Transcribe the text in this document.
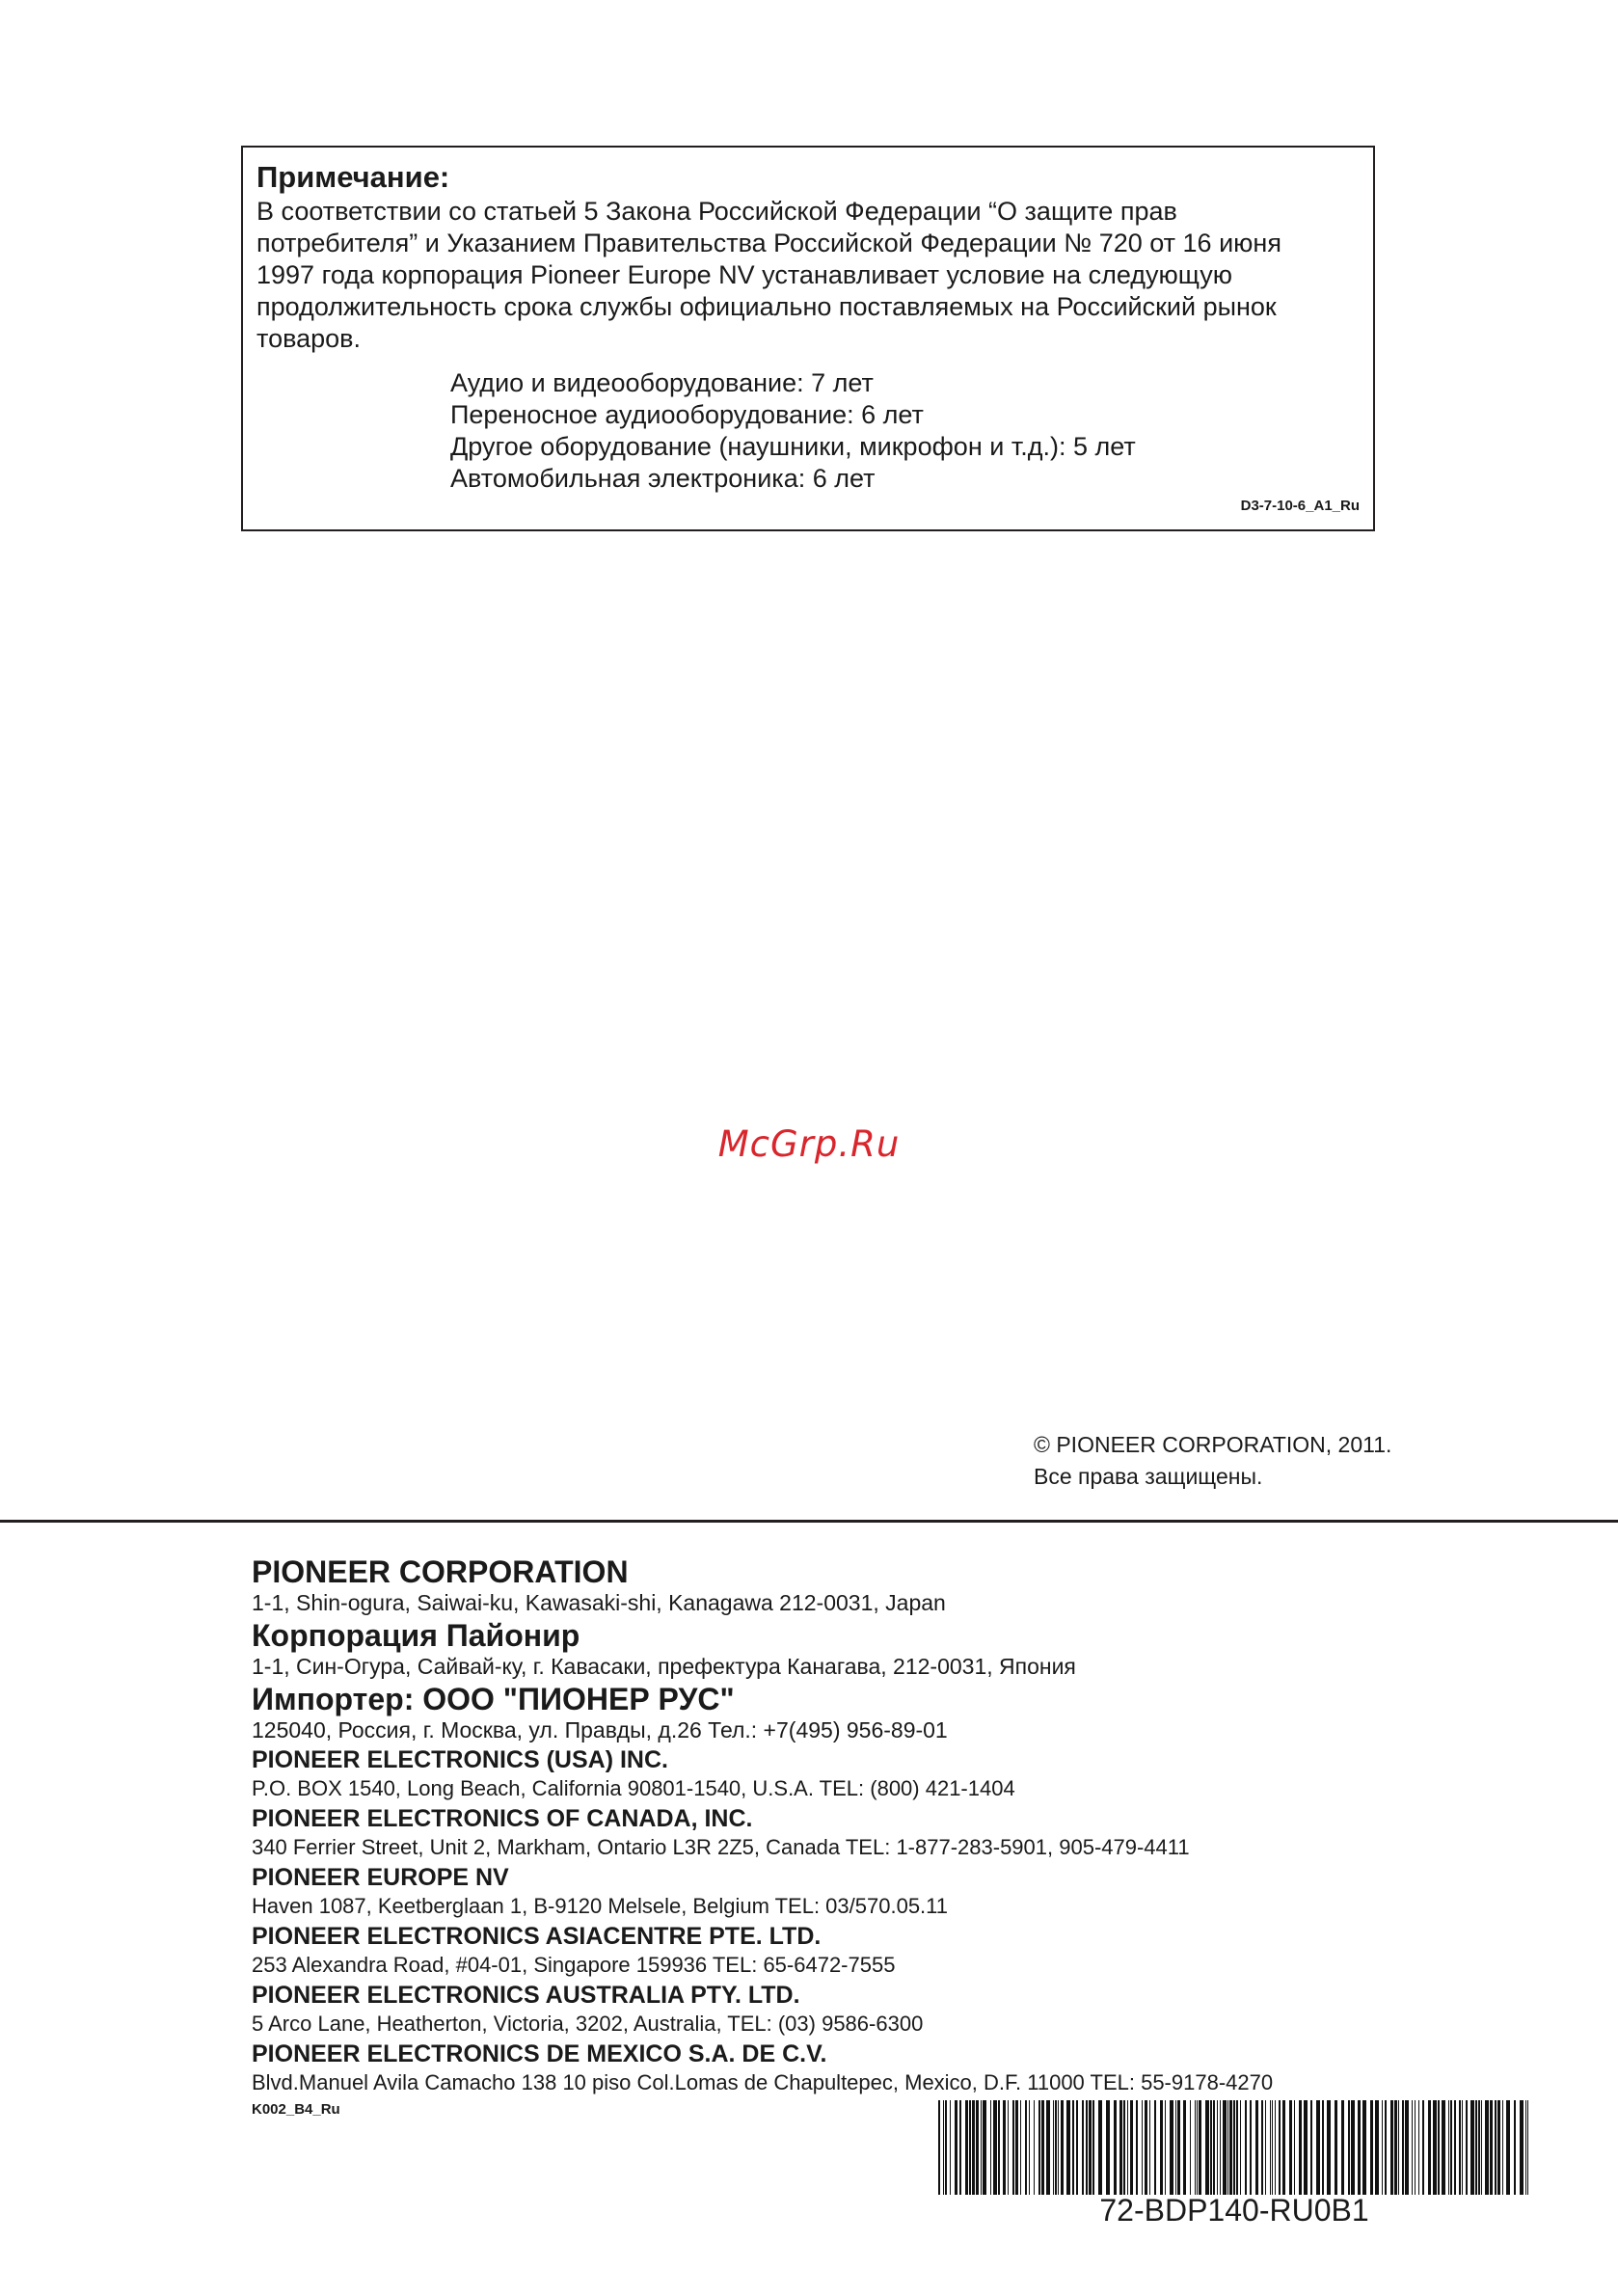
Примечание:

В соответствии со статьей 5 Закона Российской Федерации “О защите прав
потребителя” и Указанием Правительства Российской Федерации № 720 от 16 июня
1997 года корпорация Pioneer Europe NV устанавливает условие на следующую
продолжительность срока службы официально поставляемых на Российский рынок
товаров.

Аудио и видеооборудование: 7 лет
Переносное аудиооборудование: 6 лет
Другое оборудование (наушники, микрофон и т.д.): 5 лет
Автомобильная электроника: 6 лет
D3-7-10-6_A1_Ru
McGrp.Ru
© PIONEER CORPORATION, 2011.
Все права защищены.
PIONEER CORPORATION
1-1, Shin-ogura, Saiwai-ku, Kawasaki-shi, Kanagawa 212-0031, Japan
Корпорация Пайонир
1-1, Син-Огура, Сайвай-ку, г. Кавасаки, префектура Канагава, 212-0031, Япония
Импортер: ООО "ПИОНЕР РУС"
125040, Россия, г. Москва, ул. Правды, д.26 Тел.: +7(495) 956-89-01
PIONEER ELECTRONICS (USA) INC.
P.O. BOX 1540, Long Beach, California 90801-1540, U.S.A. TEL: (800) 421-1404
PIONEER ELECTRONICS OF CANADA, INC.
340 Ferrier Street, Unit 2, Markham, Ontario L3R 2Z5, Canada TEL: 1-877-283-5901, 905-479-4411
PIONEER EUROPE NV
Haven 1087, Keetberglaan 1, B-9120 Melsele, Belgium TEL: 03/570.05.11
PIONEER ELECTRONICS ASIACENTRE PTE. LTD.
253 Alexandra Road, #04-01, Singapore 159936 TEL: 65-6472-7555
PIONEER ELECTRONICS AUSTRALIA PTY. LTD.
5 Arco Lane, Heatherton, Victoria, 3202, Australia, TEL: (03) 9586-6300
PIONEER ELECTRONICS DE MEXICO S.A. DE C.V.
Blvd.Manuel Avila Camacho 138 10 piso Col.Lomas de Chapultepec, Mexico, D.F. 11000 TEL: 55-9178-4270
K002_B4_Ru
72-BDP140-RU0B1
